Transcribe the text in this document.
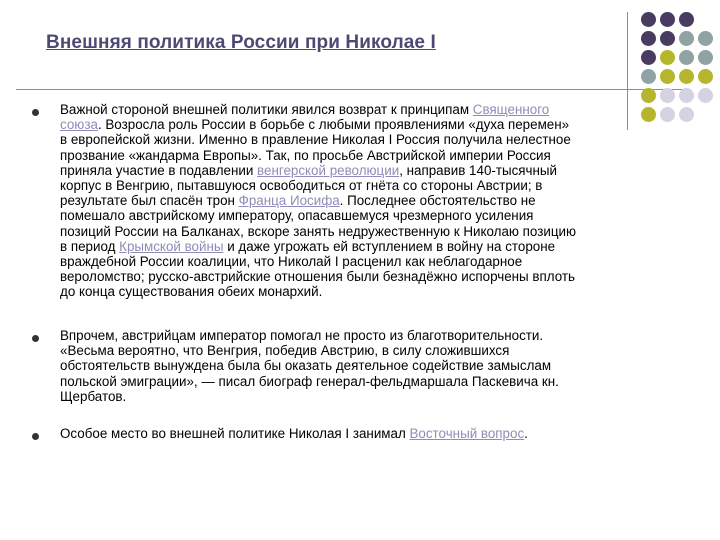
Внешняя политика России при Николае I
Важной стороной внешней политики явился возврат к принципам Священного
союза. Возросла роль России в борьбе с любыми проявлениями «духа перемен»
в европейской жизни. Именно в правление Николая I Россия получила нелестное
прозвание «жандарма Европы». Так, по просьбе Австрийской империи Россия
приняла участие в подавлении венгерской революции, направив 140-тысячный
корпус в Венгрию, пытавшуюся освободиться от гнёта со стороны Австрии; в
результате был спасён трон Франца Иосифа. Последнее обстоятельство не
помешало австрийскому императору, опасавшемуся чрезмерного усиления
позиций России на Балканах, вскоре занять недружественную к Николаю позицию
в период Крымской войны и даже угрожать ей вступлением в войну на стороне
враждебной России коалиции, что Николай I расценил как неблагодарное
вероломство; русско-австрийские отношения были безнадёжно испорчены вплоть
до конца существования обеих монархий.
Впрочем, австрийцам император помогал не просто из благотворительности.
«Весьма вероятно, что Венгрия, победив Австрию, в силу сложившихся
обстоятельств вынуждена была бы оказать деятельное содействие замыслам
польской эмиграции», — писал биограф генерал-фельдмаршала Паскевича кн.
Щербатов.
Особое место во внешней политике Николая I занимал Восточный вопрос.
